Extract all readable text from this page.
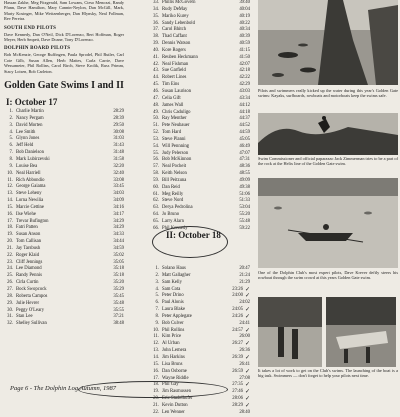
Hassan Zakhe, Meg Fitzgerald, Sam Lowans, Cieso Menozzi, Randy Pfann, Dave Hamilton, Mary Cannin-Neylon, Dan McGill, Mark, Marty Kosinger, Mike Weitzenberger, Dan Hlynsky, Neal Follman, Rev Pereira.

SOUTH END PILOTS

Dave Kennedy, Dan O'Neil, Dick D'Lorenzo, Bert Hoffman, Roger Meyer, Herb Smpett, Dave Doane, Tony D'Lorenzo.

DOLPHIN BOARD PILOTS

Bob McKenzie, George Ruffingen, Paula Sprodel, Phil Butler, Carl Cote Gilb, Susan Allen, Herb Mattes, Carla Carrie, Dave Wessameier, Phil Rollins, Carol Birch, Steve Krolik, Russ Primm, Stacy Loisen, Bob Carleton.

Golden Gate Swims I and II
I: October 17
1. Charlie Martin	28:29
2. Nancy Pergam	28:39
3. David Morten	29:50
4. Lee Smith	30:08
5. Glynn Jones	31:03
6. Jeff Held	31:43
7. Bob Danielson	31:48
8. Mark Lubirzevski	31:58
9. Louise Bea	32:20
10. Neal Harriell	32:40
11. Rich Abbondio	33:08
12. George Gaiama	33:45
13. Steve Leheny	34:03
14. Lorna Newilia	34:09
15. Marcie Cettine	34:16
16. Ilse Wiehe	34:17
17. Trevar Bufington	34:29
18. Fatri Patten	34:29
19. Susan Anson	34:33
20. Tom Callisan	34:44
21. Jay Tarsbush	34:59
22. Roger Klaid	35:02
23. Cliff Jennings	35:05
24. Lee Diamond	35:18
25. Randy Pennis	35:18
26. Cirla Curtin	35:20
27. Bock Swopcock	35:29
28. Roberta Campos	35:45
29. Julie Hevrer	35:48
30. Peggy O'Leary	35:55
31. Stan Lee	37:21
32. Shelley Sullivan	38:48
33. Phillis McGovern	39:40
34. Rudy DeMay	40:04
35. Mariko Kurey	40:19
36. Sandy Lebenbold	40:22
37. Carol Bhitch	40:34
38. Thad Caffant	40:39
39. Dennis Watson	40:59
40. Kore Rogers	41:15
41. Reuben Heckmann	41:50
42. Neal Fishman	42:07
43. Sue Garfield	42:18
44. Robert Lines	42:22
45. Tim Eins	42:29
46. Susan Laurison	43:03
47. Celia Gift	43:34
48. James Wall	44:12
49. Chris Caduligo	44:18
50. Ray Menther	44:37
51. Pete Neubauer	44:52
52. Tom Hard	44:59
53. Steve Planni	45:05
54. Will Pennning	46:49
55. Judy Pelerson	47:07
56. Bob McKinnon	47:31
57. Neal Pocheit	48:36
58. Keith Nelson	48:55
59. Bill Peitzuna	49:09
60. Dan Reid	49:38
61. Meg Reilly	51:06
62. Steve Nord	51:33
63. Derya Pedrolina	53:04
64. Jo Bruno	55:20
65. Larry Alarn	55:48
66. Phil Kennedy	59:22
II: October 18
1. Solano Haus	20:47
2. Matt Gallagher	21:24
3. Sam Kelly	21:29
4. Sam Cota	23:26 ✓
5. Peter Drino	24:00 ✓
6. Paul Alonis	24:02
7. Laura Blake	24:05 ✓
8. Peter Applegate	24:26 ✓
9. Bob Culver	24:41
10. Phil Rollins	24:57 ✓
11. Kim Price	26:00
12. Al Urban	26:27 ✓
13. John Lemera	26:36
14. Jim Harkins	26:39 ✓
15. Lisa Bruns	26:41
16. Dan Osborne	26:59 ✓
17. Wayne Riddle	27:08
18. Phil Gay	27:35 ✓
19. Jim Rasmussen	27:46 ✓
20. Eric Stadelhofer	28:06 ✓
21. Kevin Dutton	28:29 ✓
22. Len Wenner	28:40
Pilots and swimmers really kicked up the water during this year's Golden Gate swims: Kayaks, surfboards, rowboats and motorboats keep the swims safe.
Swim Commissioner and official paparazzo Jack Zimmerman tries to be a part of the rock at the Helix line of the Golden Gate swim.
One of the Dolphin Club's most expert pilots, Dave Krever deftly steers his rowboat through the swim crowd at this years Golden Gate swim.
It takes a lot of work to get on the Club's swims. The launching of the boat is a big task. Swimmers — don't forget to help your pilots next time.
Page 6 - The Dolphin Log Autumn, 1987
